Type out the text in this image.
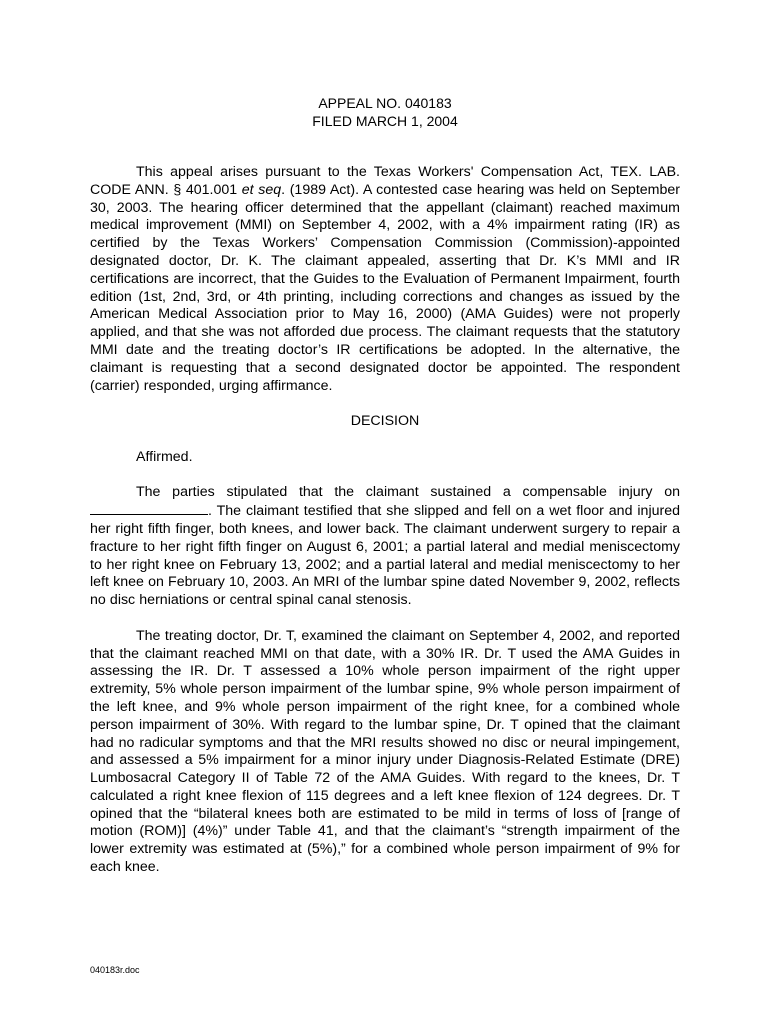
APPEAL NO. 040183
FILED MARCH 1, 2004

This appeal arises pursuant to the Texas Workers' Compensation Act, TEX. LAB. CODE ANN. § 401.001 et seq. (1989 Act). A contested case hearing was held on September 30, 2003. The hearing officer determined that the appellant (claimant) reached maximum medical improvement (MMI) on September 4, 2002, with a 4% impairment rating (IR) as certified by the Texas Workers’ Compensation Commission (Commission)-appointed designated doctor, Dr. K. The claimant appealed, asserting that Dr. K’s MMI and IR certifications are incorrect, that the Guides to the Evaluation of Permanent Impairment, fourth edition (1st, 2nd, 3rd, or 4th printing, including corrections and changes as issued by the American Medical Association prior to May 16, 2000) (AMA Guides) were not properly applied, and that she was not afforded due process. The claimant requests that the statutory MMI date and the treating doctor’s IR certifications be adopted. In the alternative, the claimant is requesting that a second designated doctor be appointed. The respondent (carrier) responded, urging affirmance.

DECISION

Affirmed.

The parties stipulated that the claimant sustained a compensable injury on . The claimant testified that she slipped and fell on a wet floor and injured her right fifth finger, both knees, and lower back. The claimant underwent surgery to repair a fracture to her right fifth finger on August 6, 2001; a partial lateral and medial meniscectomy to her right knee on February 13, 2002; and a partial lateral and medial meniscectomy to her left knee on February 10, 2003. An MRI of the lumbar spine dated November 9, 2002, reflects no disc herniations or central spinal canal stenosis.

The treating doctor, Dr. T, examined the claimant on September 4, 2002, and reported that the claimant reached MMI on that date, with a 30% IR. Dr. T used the AMA Guides in assessing the IR. Dr. T assessed a 10% whole person impairment of the right upper extremity, 5% whole person impairment of the lumbar spine, 9% whole person impairment of the left knee, and 9% whole person impairment of the right knee, for a combined whole person impairment of 30%. With regard to the lumbar spine, Dr. T opined that the claimant had no radicular symptoms and that the MRI results showed no disc or neural impingement, and assessed a 5% impairment for a minor injury under Diagnosis-Related Estimate (DRE) Lumbosacral Category II of Table 72 of the AMA Guides. With regard to the knees, Dr. T calculated a right knee flexion of 115 degrees and a left knee flexion of 124 degrees. Dr. T opined that the “bilateral knees both are estimated to be mild in terms of loss of [range of motion (ROM)] (4%)” under Table 41, and that the claimant’s “strength impairment of the lower extremity was estimated at (5%),” for a combined whole person impairment of 9% for each knee.

040183r.doc
